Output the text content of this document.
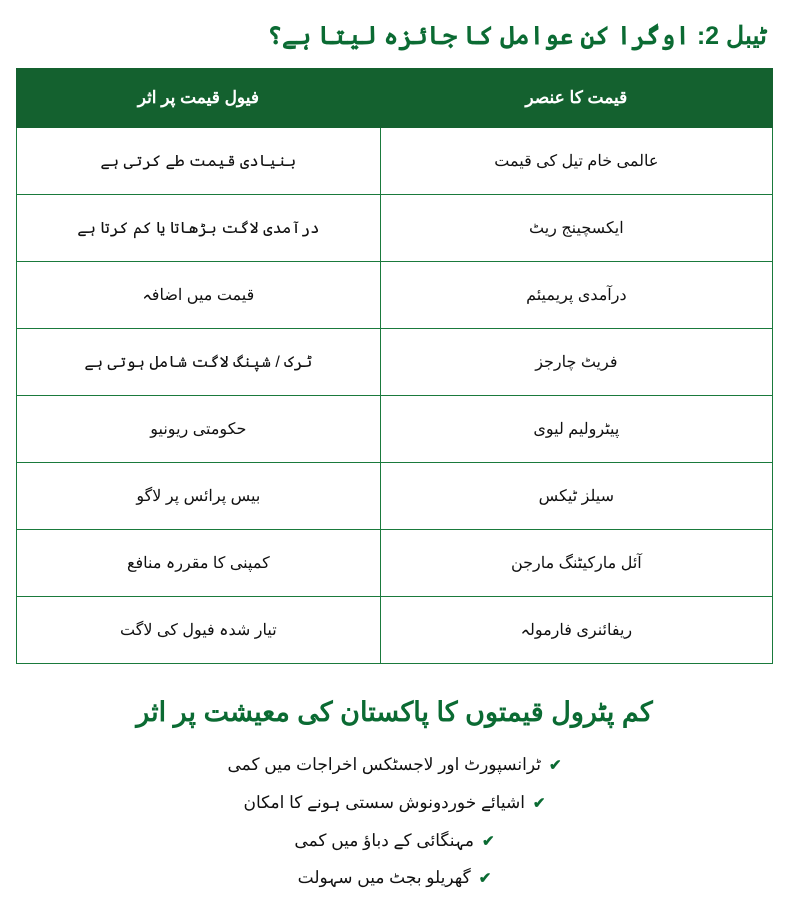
ٹیبل 2: اوگرا کن عوامل کا جائزہ لیتا ہے؟
قیمت کا عنصر	فیول قیمت پر اثر
عالمی خام تیل کی قیمت	بنیادی قیمت طے کرتی ہے
ایکسچینج ریٹ	درآمدی لاگت بڑھاتا یا کم کرتا ہے
درآمدی پریمیئم	قیمت میں اضافہ
فریٹ چارجز	ٹرک / شپنگ لاگت شامل ہوتی ہے
پیٹرولیم لیوی	حکومتی ریونیو
سیلز ٹیکس	بیس پرائس پر لاگو
آئل مارکیٹنگ مارجن	کمپنی کا مقررہ منافع
ریفائنری فارمولہ	تیار شدہ فیول کی لاگت
کم پٹرول قیمتوں کا پاکستان کی معیشت پر اثر
✔ٹرانسپورٹ اور لاجسٹکس اخراجات میں کمی
✔اشیائے خوردونوش سستی ہونے کا امکان
✔مہنگائی کے دباؤ میں کمی
✔گھریلو بجٹ میں سہولت
